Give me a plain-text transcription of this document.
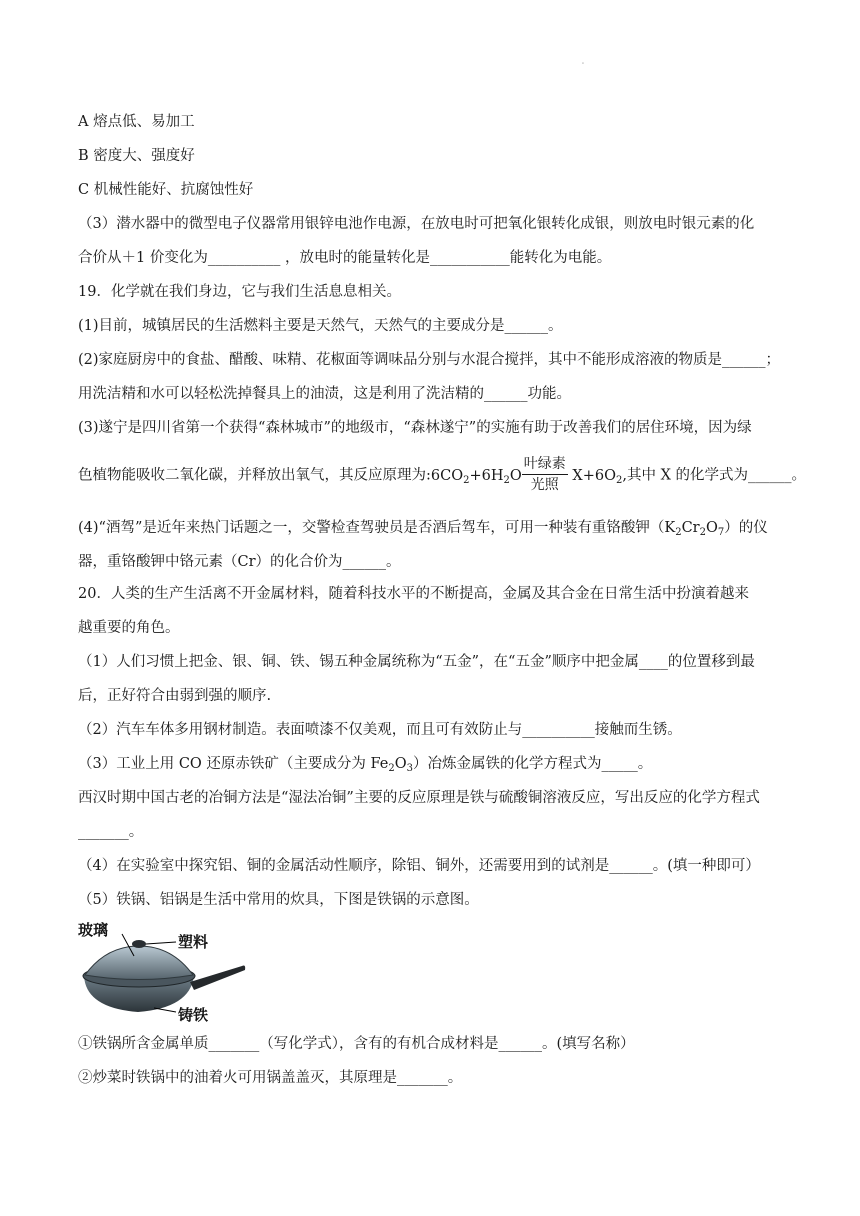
ˈ
A 熔点低、易加工
B 密度大、强度好
C 机械性能好、抗腐蚀性好
（3）潜水器中的微型电子仪器常用银锌电池作电源，在放电时可把氧化银转化成银，则放电时银元素的化
合价从＋1 价变化为__________ ，放电时的能量转化是___________能转化为电能。
19．化学就在我们身边，它与我们生活息息相关。
(1)目前，城镇居民的生活燃料主要是天然气，天然气的主要成分是______。
(2)家庭厨房中的食盐、醋酸、味精、花椒面等调味品分别与水混合搅拌，其中不能形成溶液的物质是______；
用洗洁精和水可以轻松洗掉餐具上的油渍，这是利用了洗洁精的______功能。
(3)遂宁是四川省第一个获得“森林城市”的地级市，“森林遂宁”的实施有助于改善我们的居住环境，因为绿
色植物能吸收二氧化碳，并释放出氧气，其反应原理为$:6CO_2+6H_2O \frac{\text{叶绿素}}{\text{光照}} X+6O_2$,其中 X 的化学式为______。
(4)“酒驾”是近年来热门话题之一，交警检查驾驶员是否酒后驾车，可用一种装有重铬酸钾$(K_2Cr_2O_7)$的仪
器，重铬酸钾中铬元素（Cr）的化合价为______。
20．人类的生产生活离不开金属材料，随着科技水平的不断提高，金属及其合金在日常生活中扮演着越来
越重要的角色。
（1）人们习惯上把金、银、铜、铁、锡五种金属统称为“五金”，在“五金”顺序中把金属____的位置移到最
后，正好符合由弱到强的顺序.
（2）汽车车体多用钢材制造。表面喷漆不仅美观，而且可有效防止与__________接触而生锈。
（3）工业上用 CO 还原赤铁矿（主要成分为 $Fe_2O_3$）冶炼金属铁的化学方程式为_____。
西汉时期中国古老的冶铜方法是“湿法冶铜”主要的反应原理是铁与硫酸铜溶液反应，写出反应的化学方程式
_______。
（4）在实验室中探究铝、铜的金属活动性顺序，除铝、铜外，还需要用到的试剂是______。(填一种即可）
（5）铁锅、铝锅是生活中常用的炊具，下图是铁锅的示意图。
玻璃
塑料
铸铁
①铁锅所含金属单质_______（写化学式），含有的有机合成材料是______。(填写名称）
②炒菜时铁锅中的油着火可用锅盖盖灭，其原理是_______。
